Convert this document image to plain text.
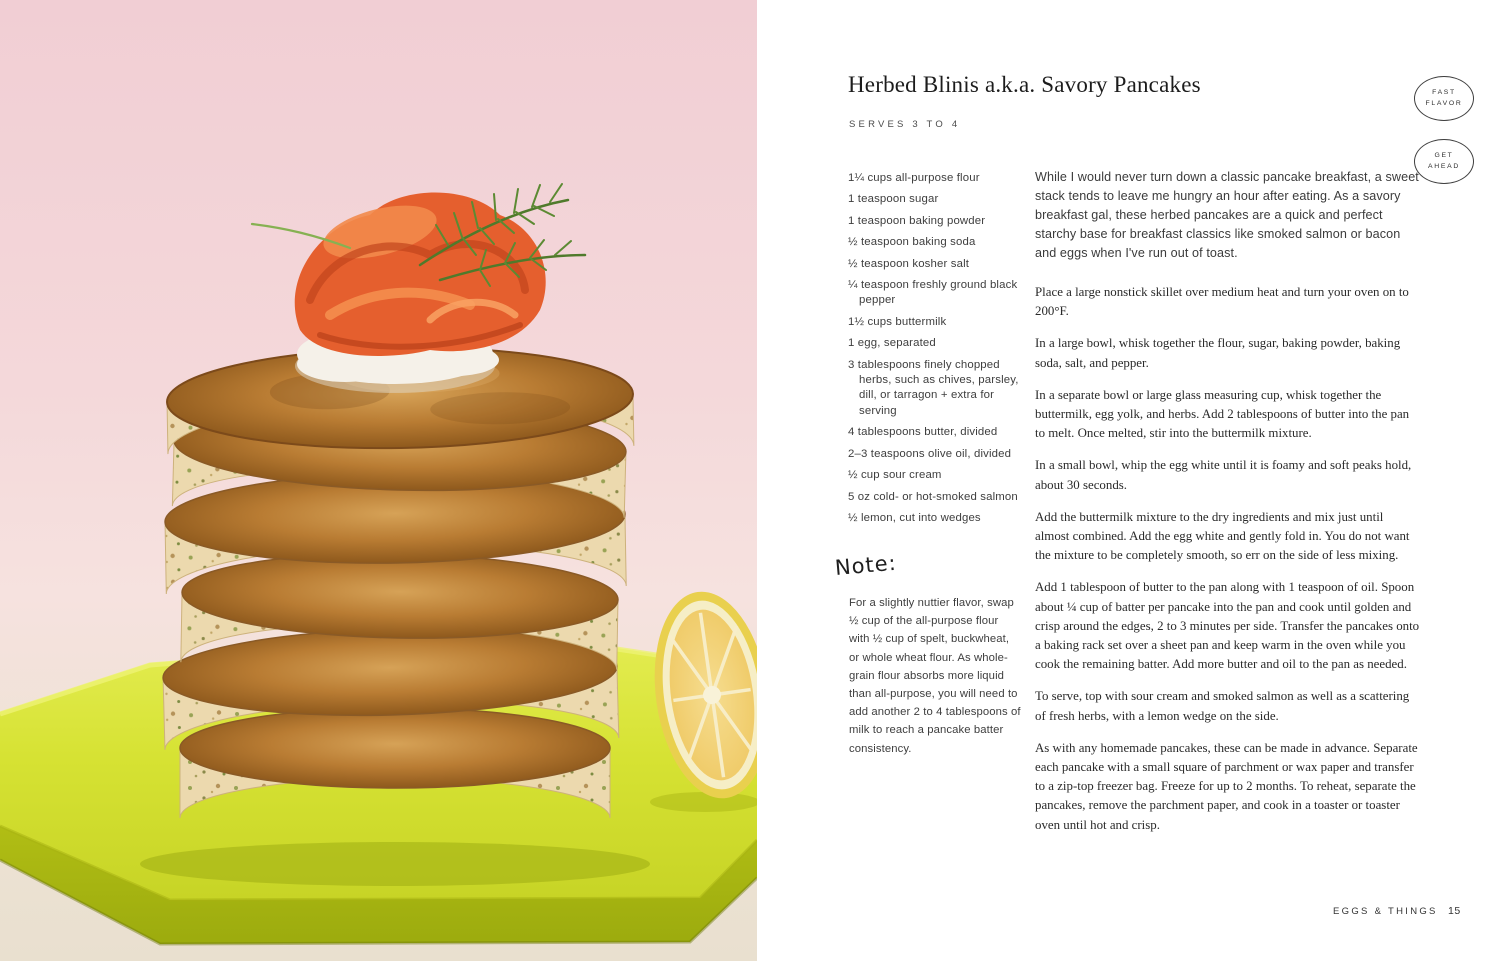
Herbed Blinis a.k.a. Savory Pancakes
SERVES 3 TO 4
FAST
FLAVOR
GET
AHEAD
1¼ cups all-purpose flour
1 teaspoon sugar
1 teaspoon baking powder
½ teaspoon baking soda
½ teaspoon kosher salt
¼ teaspoon freshly ground black pepper
1½ cups buttermilk
1 egg, separated
3 tablespoons finely chopped herbs, such as chives, parsley, dill, or tarragon + extra for serving
4 tablespoons butter, divided
2–3 teaspoons olive oil, divided
½ cup sour cream
5 oz cold- or hot-smoked salmon
½ lemon, cut into wedges
Note:
For a slightly nuttier flavor, swap ½ cup of the all-purpose flour with ½ cup of spelt, buckwheat, or whole wheat flour. As whole-grain flour absorbs more liquid than all-purpose, you will need to add another 2 to 4 tablespoons of milk to reach a pancake batter consistency.

While I would never turn down a classic pancake breakfast, a sweet stack tends to leave me hungry an hour after eating. As a savory breakfast gal, these herbed pancakes are a quick and perfect starchy base for breakfast classics like smoked salmon or bacon and eggs when I've run out of toast.

Place a large nonstick skillet over medium heat and turn your oven on to 200°F.

In a large bowl, whisk together the flour, sugar, baking powder, baking soda, salt, and pepper.

In a separate bowl or large glass measuring cup, whisk together the buttermilk, egg yolk, and herbs. Add 2 tablespoons of butter into the pan to melt. Once melted, stir into the buttermilk mixture.

In a small bowl, whip the egg white until it is foamy and soft peaks hold, about 30 seconds.

Add the buttermilk mixture to the dry ingredients and mix just until almost combined. Add the egg white and gently fold in. You do not want the mixture to be completely smooth, so err on the side of less mixing.

Add 1 tablespoon of butter to the pan along with 1 teaspoon of oil. Spoon about ¼ cup of batter per pancake into the pan and cook until golden and crisp around the edges, 2 to 3 minutes per side. Transfer the pancakes onto a baking rack set over a sheet pan and keep warm in the oven while you cook the remaining batter. Add more butter and oil to the pan as needed.

To serve, top with sour cream and smoked salmon as well as a scattering of fresh herbs, with a lemon wedge on the side.

As with any homemade pancakes, these can be made in advance. Separate each pancake with a small square of parchment or wax paper and transfer to a zip-top freezer bag. Freeze for up to 2 months. To reheat, separate the pancakes, remove the parchment paper, and cook in a toaster or toaster oven until hot and crisp.

EGGS & THINGS 15
